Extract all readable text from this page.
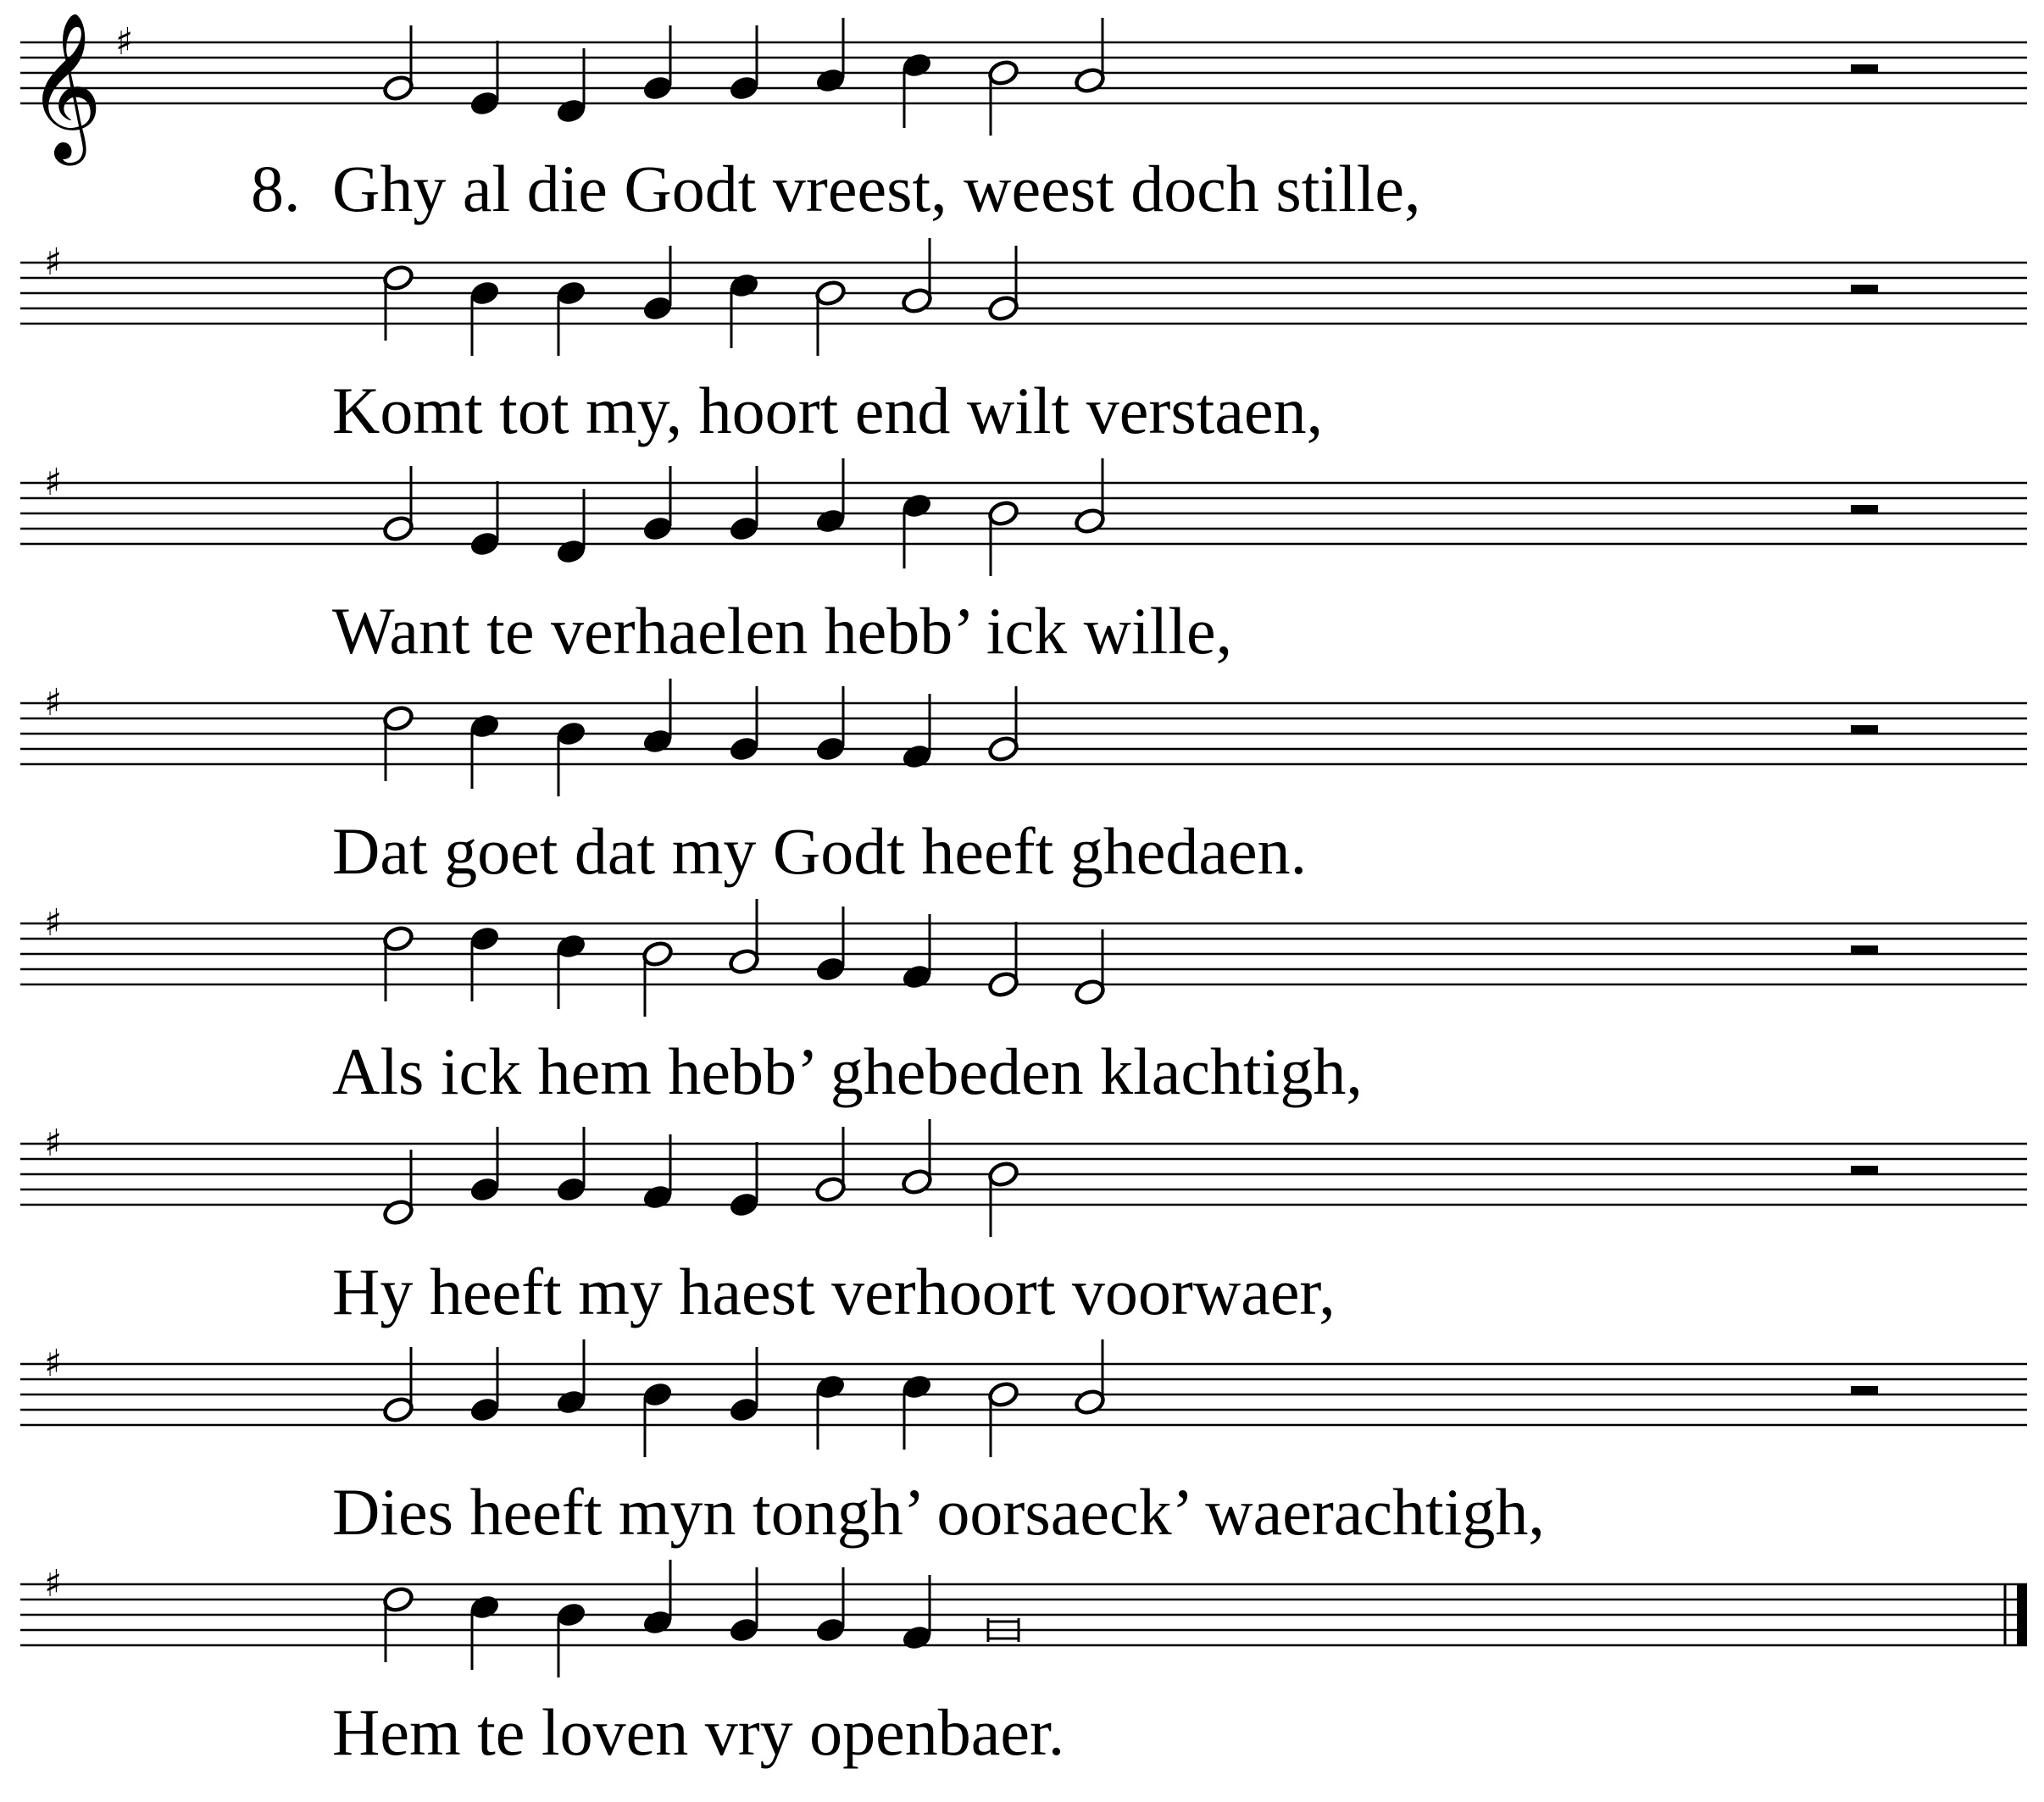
𝄞 ♯
♯
♯
♯
♯
♯
♯
♯
8. Ghy al die Godt vreest, weest doch stille,
Komt tot my, hoort end wilt verstaen,
Want te verhaelen hebb’ ick wille,
Dat goet dat my Godt heeft ghedaen.
Als ick hem hebb’ ghebeden klachtigh,
Hy heeft my haest verhoort voorwaer,
Dies heeft myn tongh’ oorsaeck’ waerachtigh,
Hem te loven vry openbaer.
